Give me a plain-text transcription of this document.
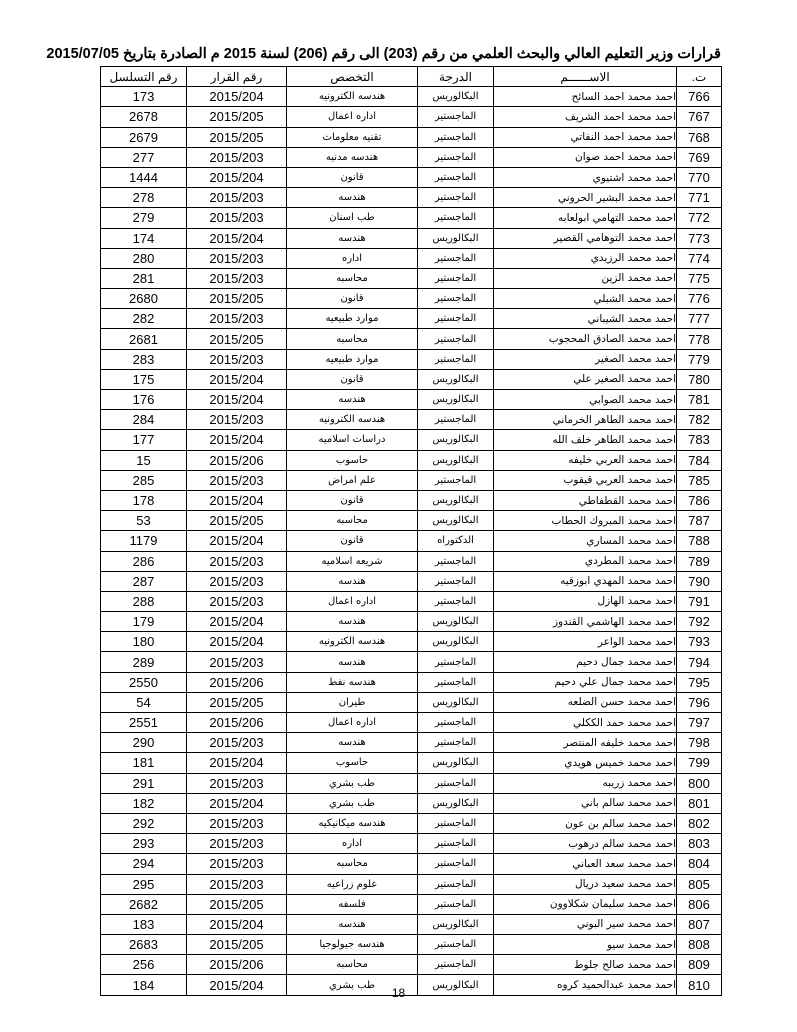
قرارات وزير التعليم العالي والبحث العلمي من رقم (203) الى رقم (206) لسنة 2015 م الصادرة بتاريخ 2015/07/05
ت.	الاســــــم	الدرجة	التخصص	رقم القرار	رقم التسلسل
766	احمد محمد احمد السائح	البكالوريس	هندسه الكترونيه	2015/204	173
767	احمد محمد احمد الشريف	الماجستير	اداره اعمال	2015/205	2678
768	احمد محمد احمد النفاتي	الماجستير	تقنيه معلومات	2015/205	2679
769	احمد محمد احمد صوان	الماجستير	هندسه مدنيه	2015/203	277
770	احمد محمد اشتيوي	الماجستير	قانون	2015/204	1444
771	احمد محمد البشير الحروني	الماجستير	هندسه	2015/203	278
772	احمد محمد التهامي ابولعابه	الماجستير	طب اسنان	2015/203	279
773	احمد محمد التوهامي القصير	البكالوريس	هندسه	2015/204	174
774	احمد محمد الرزيدي	الماجستير	اداره	2015/203	280
775	احمد محمد الزين	الماجستير	محاسبه	2015/203	281
776	احمد محمد الشبلي	الماجستير	قانون	2015/205	2680
777	احمد محمد الشيباني	الماجستير	موارد طبيعيه	2015/203	282
778	احمد محمد الصادق المحجوب	الماجستير	محاسبه	2015/205	2681
779	احمد محمد الصغير	الماجستير	موارد طبيعيه	2015/203	283
780	احمد محمد الصغير علي	البكالوريس	قانون	2015/204	175
781	احمد محمد الصوابي	البكالوريس	هندسه	2015/204	176
782	احمد محمد الطاهر الخرماني	الماجستير	هندسه الكترونيه	2015/203	284
783	احمد محمد الطاهر خلف الله	البكالوريس	دراسات اسلاميه	2015/204	177
784	احمد محمد العربي خليفه	البكالوريس	حاسوب	2015/206	15
785	احمد محمد العربي قيقوب	الماجستير	علم امراض	2015/203	285
786	احمد محمد القطفاطي	البكالوريس	قانون	2015/204	178
787	احمد محمد المبروك الحطاب	البكالوريس	محاسبه	2015/205	53
788	احمد محمد المساري	الدكتوراه	قانون	2015/204	1179
789	احمد محمد المطردي	الماجستير	شريعه اسلاميه	2015/203	286
790	احمد محمد المهدي ابوزقيه	الماجستير	هندسه	2015/203	287
791	احمد محمد الهازل	الماجستير	اداره اعمال	2015/203	288
792	احمد محمد الهاشمي القندوز	البكالوريس	هندسه	2015/204	179
793	احمد محمد الواعر	البكالوريس	هندسه الكترونيه	2015/204	180
794	احمد محمد جمال دحيم	الماجستير	هندسه	2015/203	289
795	احمد محمد جمال علي دحيم	الماجستير	هندسه نفط	2015/206	2550
796	احمد محمد حسن الضلعه	البكالوريس	طيران	2015/205	54
797	احمد محمد حمد الككلي	الماجستير	اداره اعمال	2015/206	2551
798	احمد محمد خليفه المنتصر	الماجستير	هندسه	2015/203	290
799	احمد محمد خميس هويدي	البكالوريس	حاسوب	2015/204	181
800	احمد محمد زريبه	الماجستير	طب بشري	2015/203	291
801	احمد محمد سالم باني	البكالوريس	طب بشري	2015/204	182
802	احمد محمد سالم بن عون	الماجستير	هندسه ميكانيكيه	2015/203	292
803	احمد محمد سالم درهوب	الماجستير	اداره	2015/203	293
804	احمد محمد سعد العباني	الماجستير	محاسبه	2015/203	294
805	احمد محمد سعيد دريال	الماجستير	علوم زراعيه	2015/203	295
806	احمد محمد سليمان شكلاوون	الماجستير	فلسفه	2015/205	2682
807	احمد محمد سير البوني	البكالوريس	هندسه	2015/204	183
808	احمد محمد سيو	الماجستير	هندسه جيولوجيا	2015/205	2683
809	احمد محمد صالح جلوط	الماجستير	محاسبه	2015/206	256
810	احمد محمد عبدالحميد كروه	البكالوريس	طب بشري	2015/204	184
18
